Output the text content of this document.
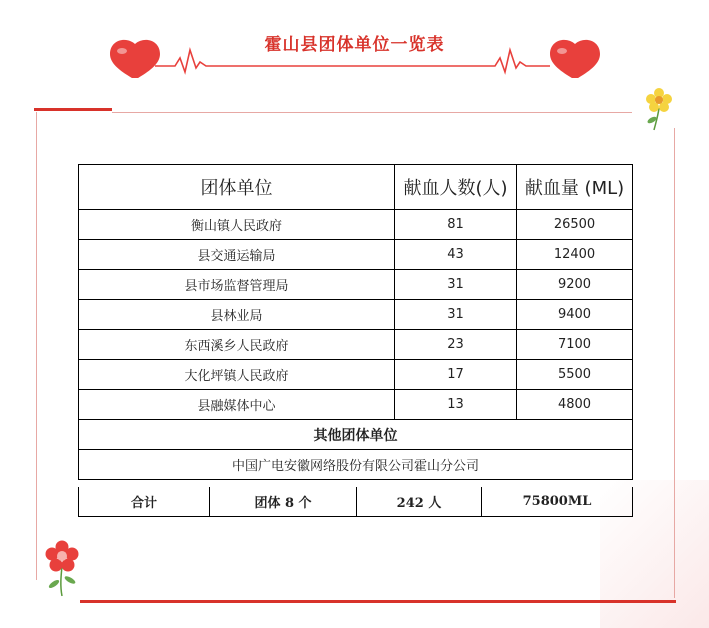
霍山县团体单位一览表
团体单位	献血人数(人)	献血量 (ML)
衡山镇人民政府	81	26500
县交通运输局	43	12400
县市场监督管理局	31	9200
县林业局	31	9400
东西溪乡人民政府	23	7100
大化坪镇人民政府	17	5500
县融媒体中心	13	4800
其他团体单位		
中国广电安徽网络股份有限公司霍山分公司		
合计	团体 8 个	242 人	75800ML
